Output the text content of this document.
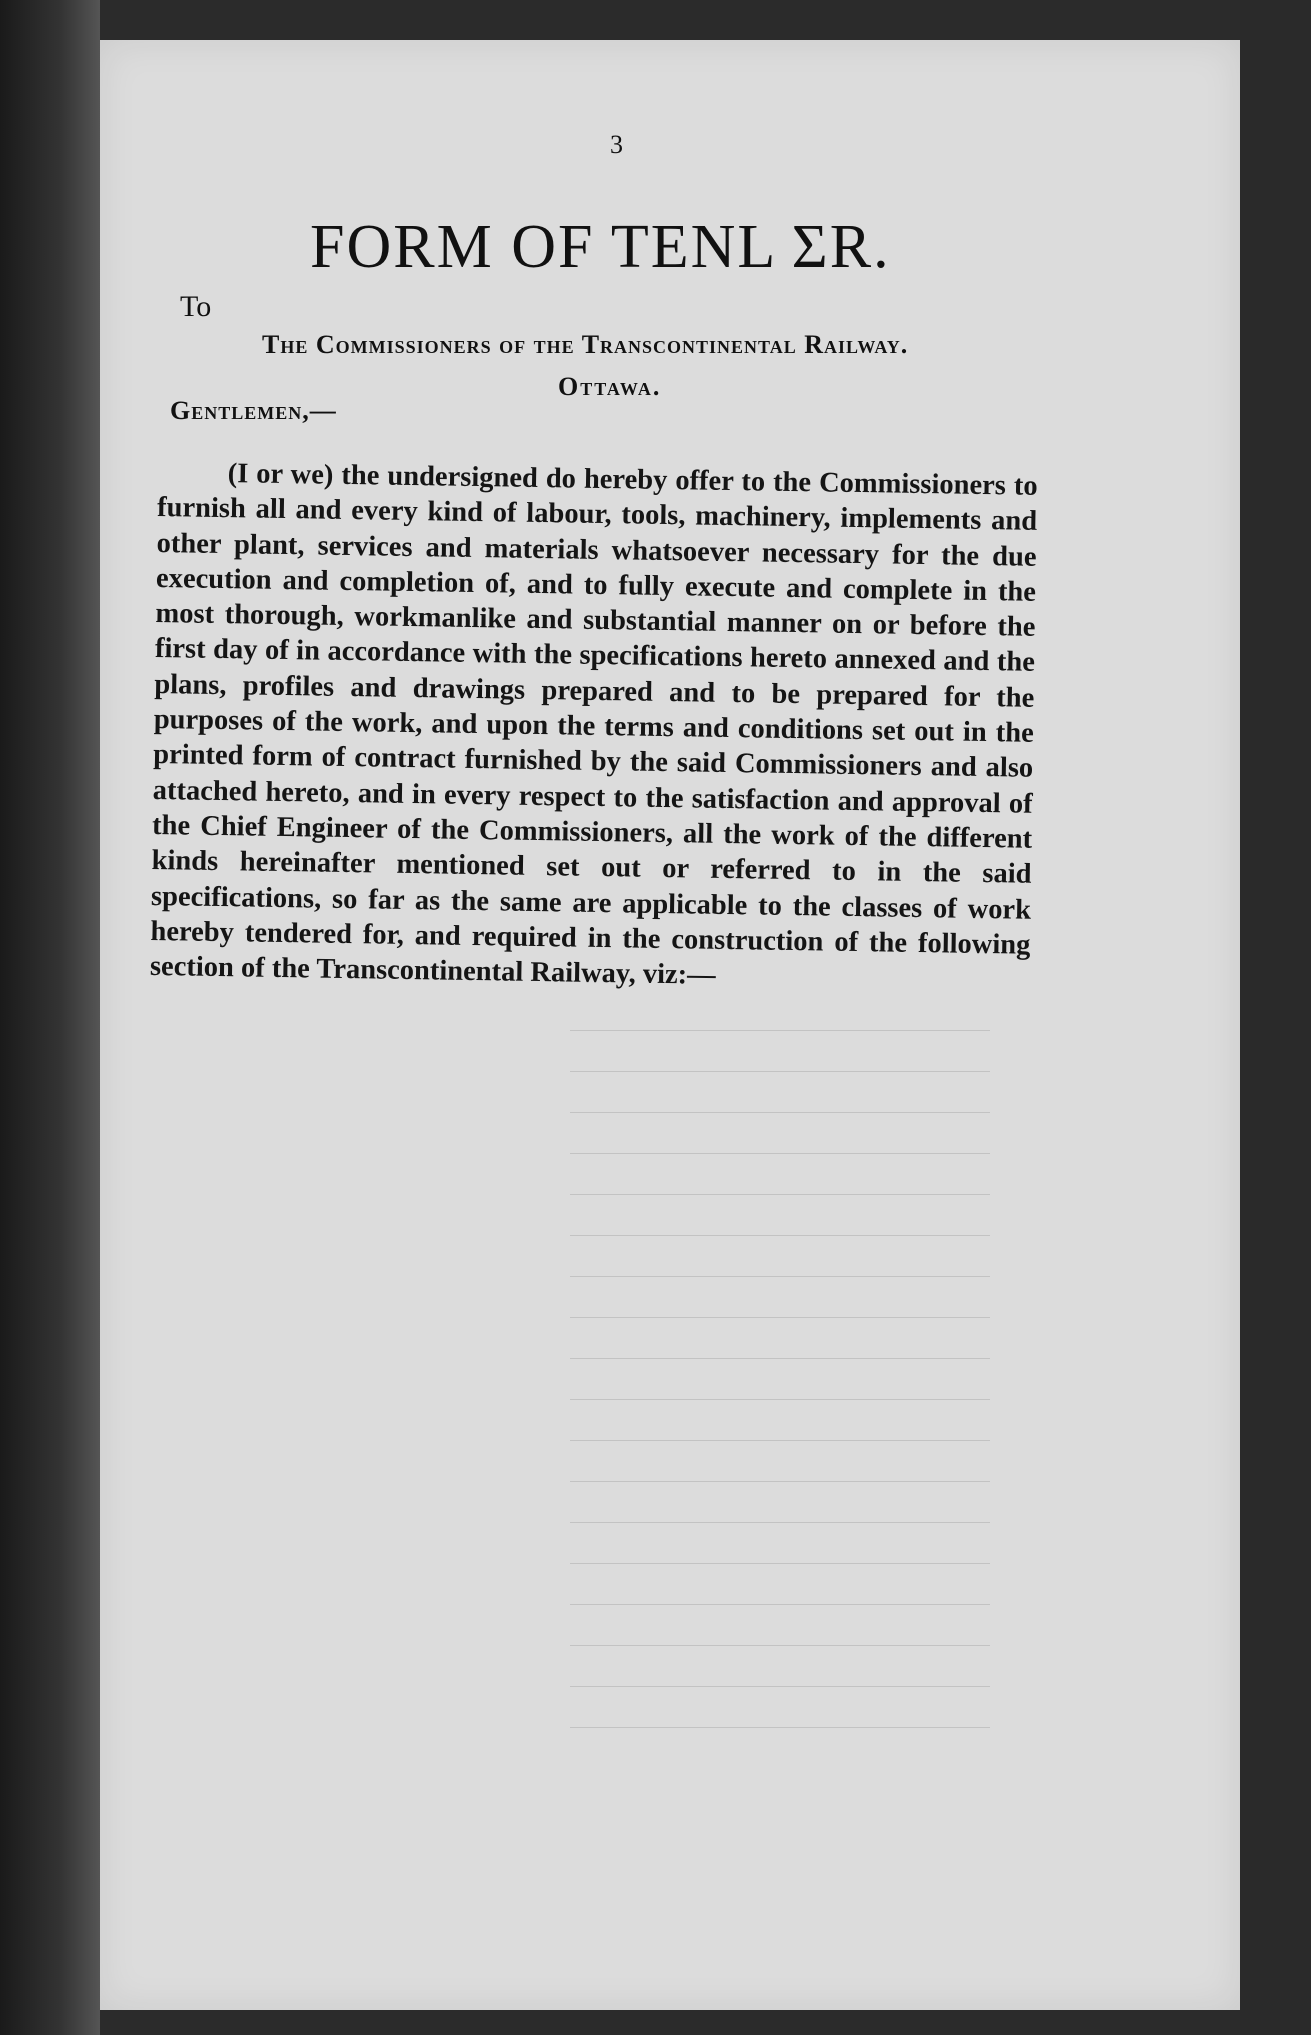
3
FORM OF TENL ΣR.
To
The Commissioners of the Transcontinental Railway.
Ottawa.
Gentlemen,—
(I or we) the undersigned do hereby offer to the Commissioners to furnish all and every kind of labour, tools, machinery, implements and other plant, services and materials whatsoever necessary for the due execution and completion of, and to fully execute and complete in the most thorough, workmanlike and substantial manner on or before the first day of in accordance with the specifications hereto annexed and the plans, profiles and drawings prepared and to be prepared for the purposes of the work, and upon the terms and conditions set out in the printed form of contract furnished by the said Commissioners and also attached hereto, and in every respect to the satisfaction and approval of the Chief Engineer of the Commissioners, all the work of the different kinds hereinafter mentioned set out or referred to in the said specifications, so far as the same are applicable to the classes of work hereby tendered for, and required in the construction of the following section of the Transcontinental Railway, viz:—
